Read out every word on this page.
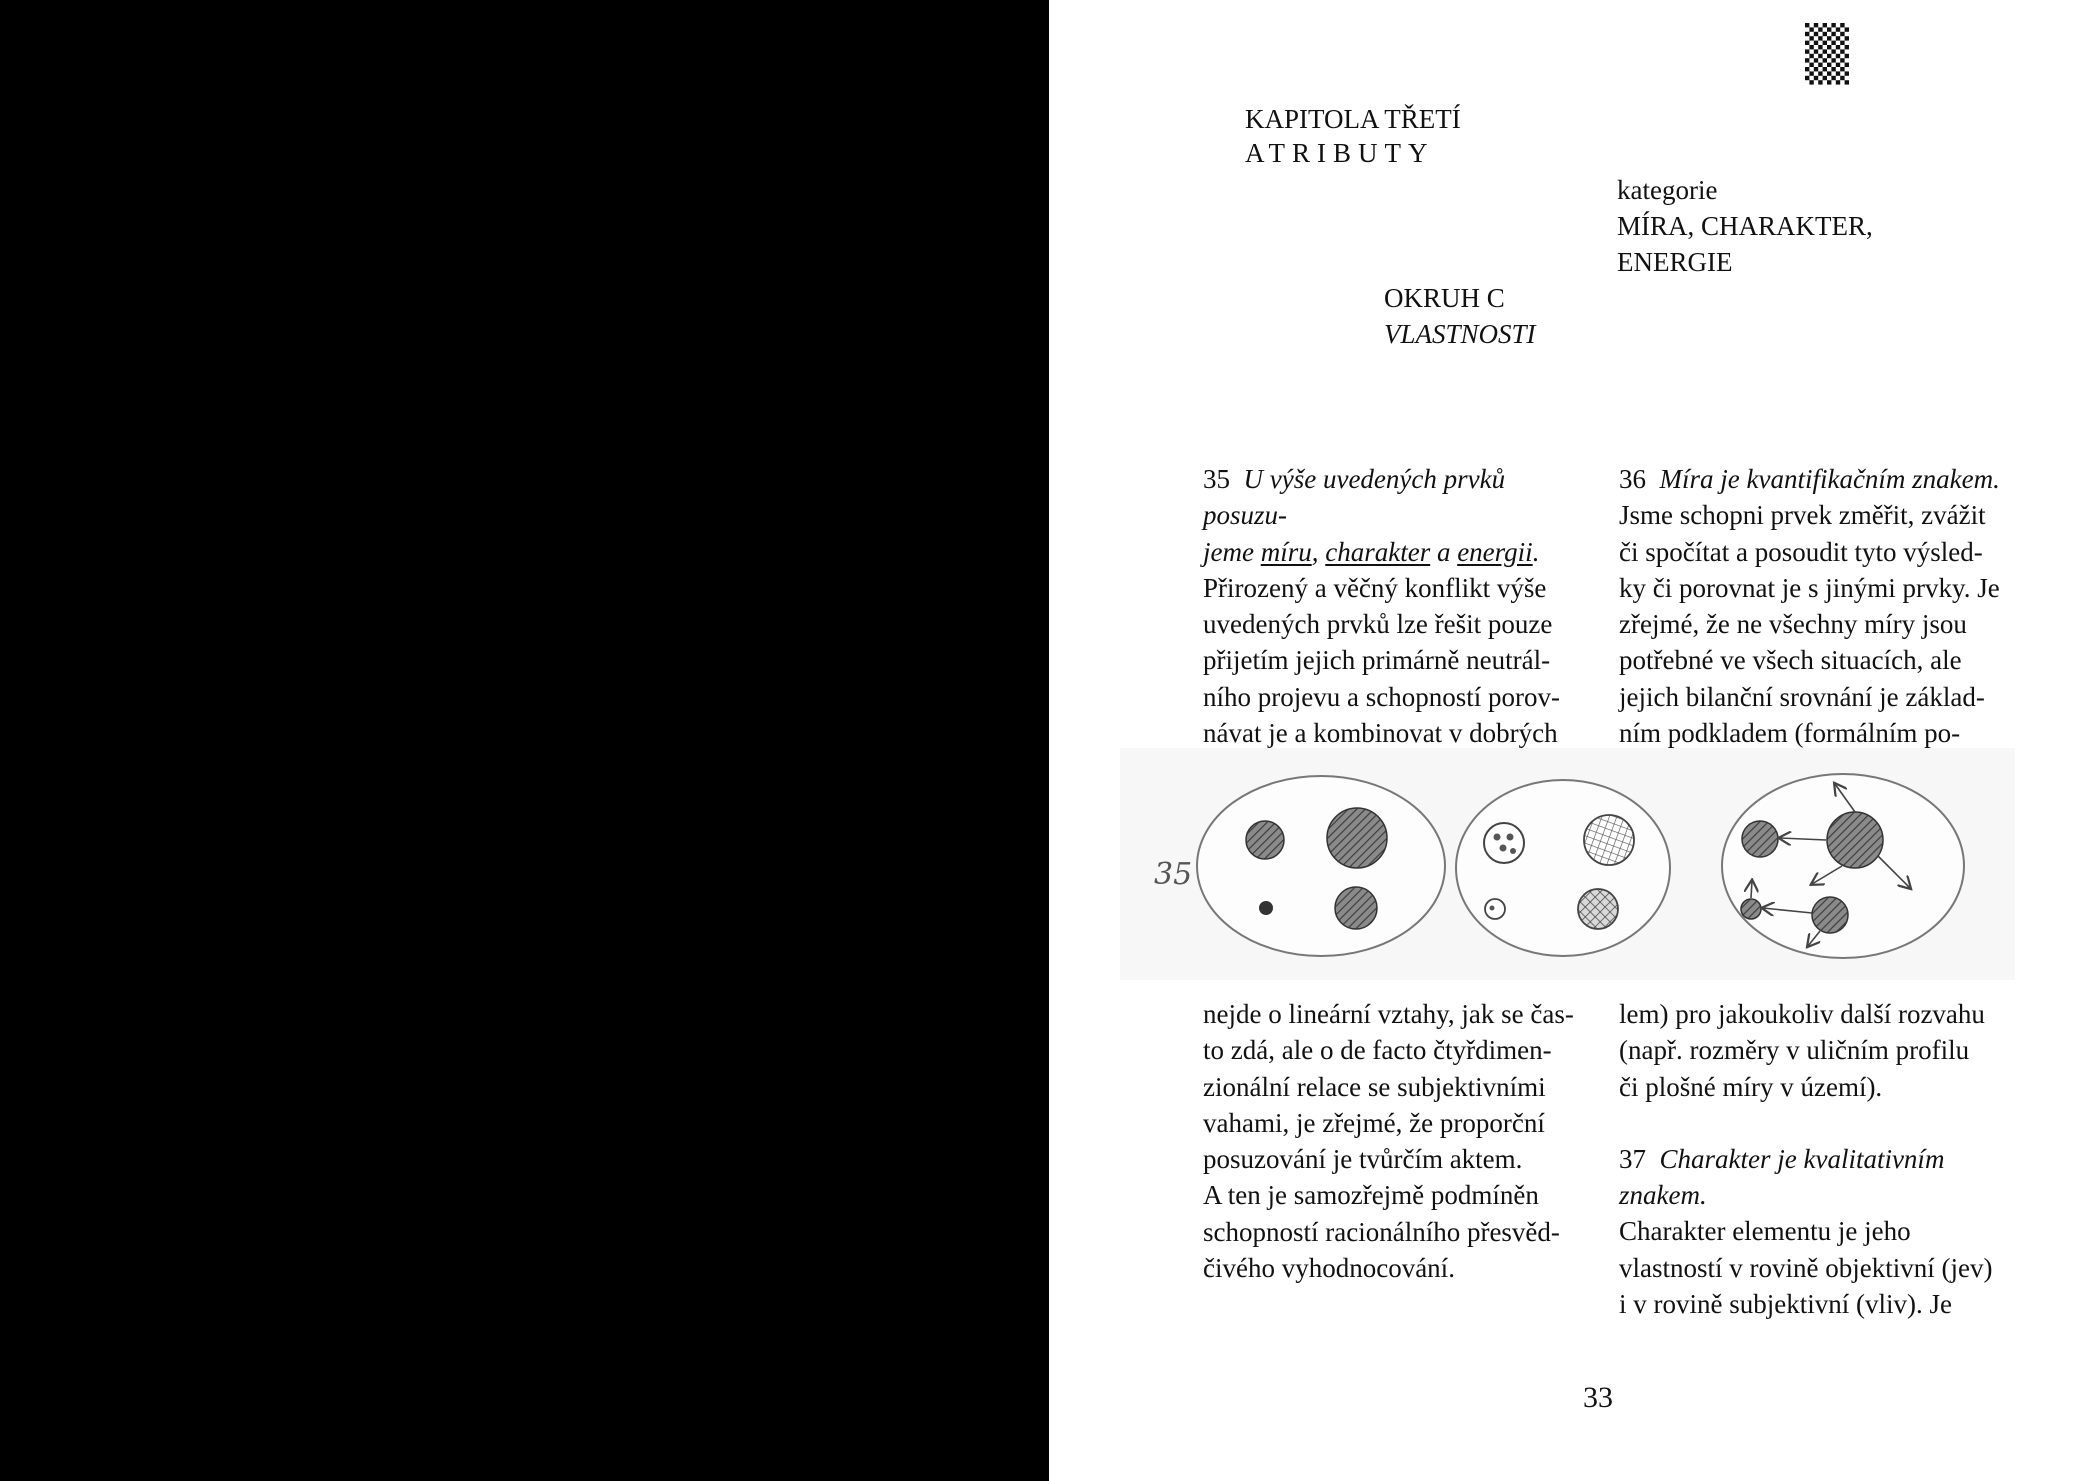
KAPITOLA TŘETÍ
ATRIBUTY
kategorie
MÍRA, CHARAKTER,
ENERGIE
OKRUH C
VLASTNOSTI

35 U výše uvedených prvků posuzu-

jeme míru, charakter a energii.

Přirozený a věčný konflikt výše

uvedených prvků lze řešit pouze

přijetím jejich primárně neutrál-

ního projevu a schopností porov-

návat je a kombinovat v dobrých

36 Míra je kvantifikačním znakem.

Jsme schopni prvek změřit, zvážit

či spočítat a posoudit tyto výsled-

ky či porovnat je s jinými prvky. Je

zřejmé, že ne všechny míry jsou

potřebné ve všech situacích, ale

jejich bilanční srovnání je základ-

ním podkladem (formálním po-

35

nejde o lineární vztahy, jak se čas-

to zdá, ale o de facto čtyřdimen-

zionální relace se subjektivními

vahami, je zřejmé, že proporční

posuzování je tvůrčím aktem.

A ten je samozřejmě podmíněn

schopností racionálního přesvěd-

čivého vyhodnocování.

lem) pro jakoukoliv další rozvahu

(např. rozměry v uličním profilu

či plošné míry v území).

37 Charakter je kvalitativním

znakem.

Charakter elementu je jeho

vlastností v rovině objektivní (jev)

i v rovině subjektivní (vliv). Je

33
